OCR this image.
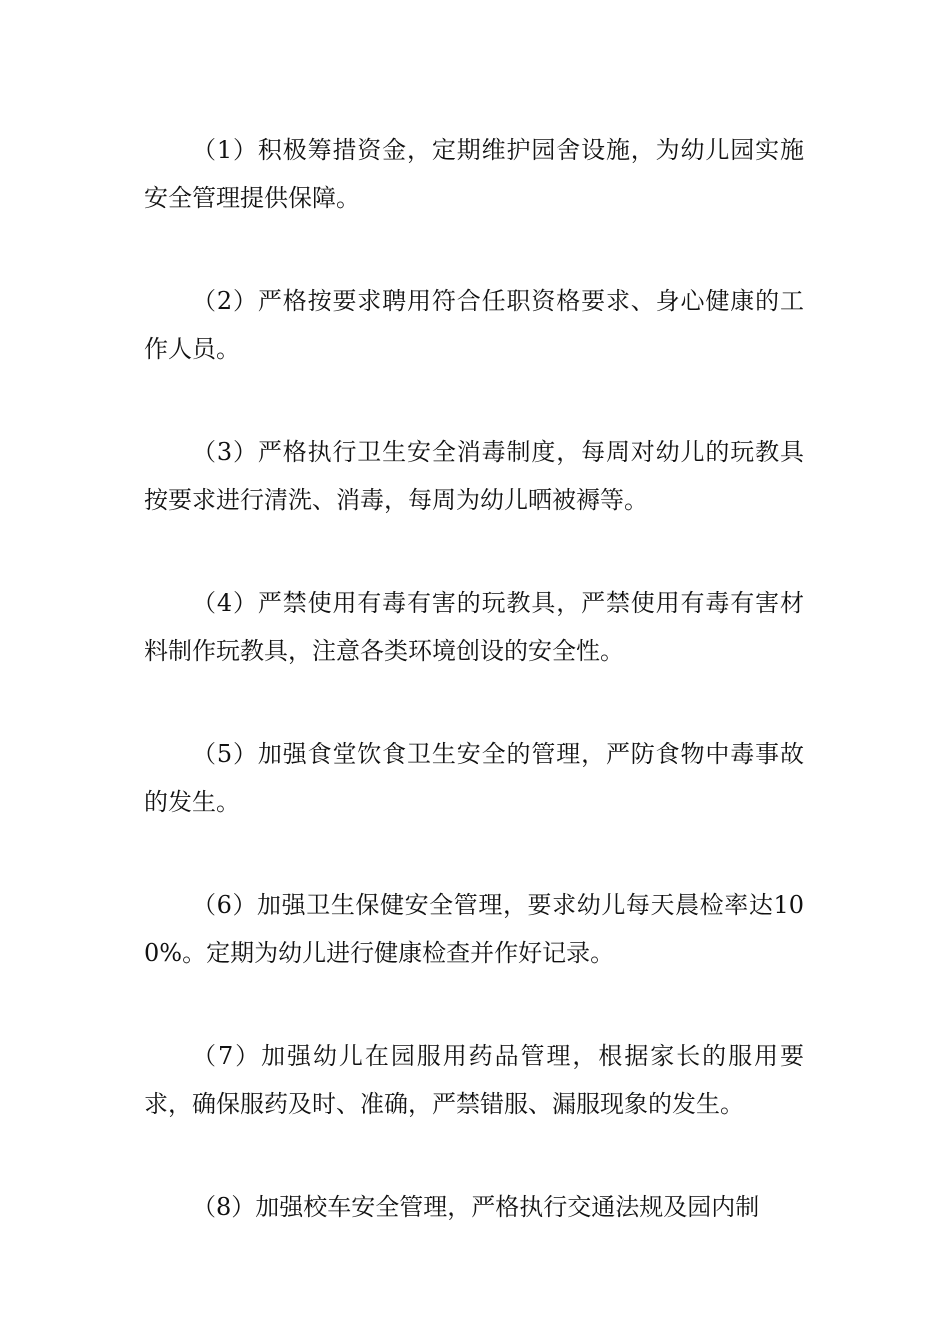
（1）积极筹措资金，定期维护园舍设施，为幼儿园实施安全管理提供保障。

（2）严格按要求聘用符合任职资格要求、身心健康的工作人员。

（3）严格执行卫生安全消毒制度，每周对幼儿的玩教具按要求进行清洗、消毒，每周为幼儿晒被褥等。

（4）严禁使用有毒有害的玩教具，严禁使用有毒有害材料制作玩教具，注意各类环境创设的安全性。

（5）加强食堂饮食卫生安全的管理，严防食物中毒事故的发生。

（6）加强卫生保健安全管理，要求幼儿每天晨检率达100%。定期为幼儿进行健康检查并作好记录。

（7）加强幼儿在园服用药品管理，根据家长的服用要求，确保服药及时、准确，严禁错服、漏服现象的发生。

（8）加强校车安全管理，严格执行交通法规及园内制
